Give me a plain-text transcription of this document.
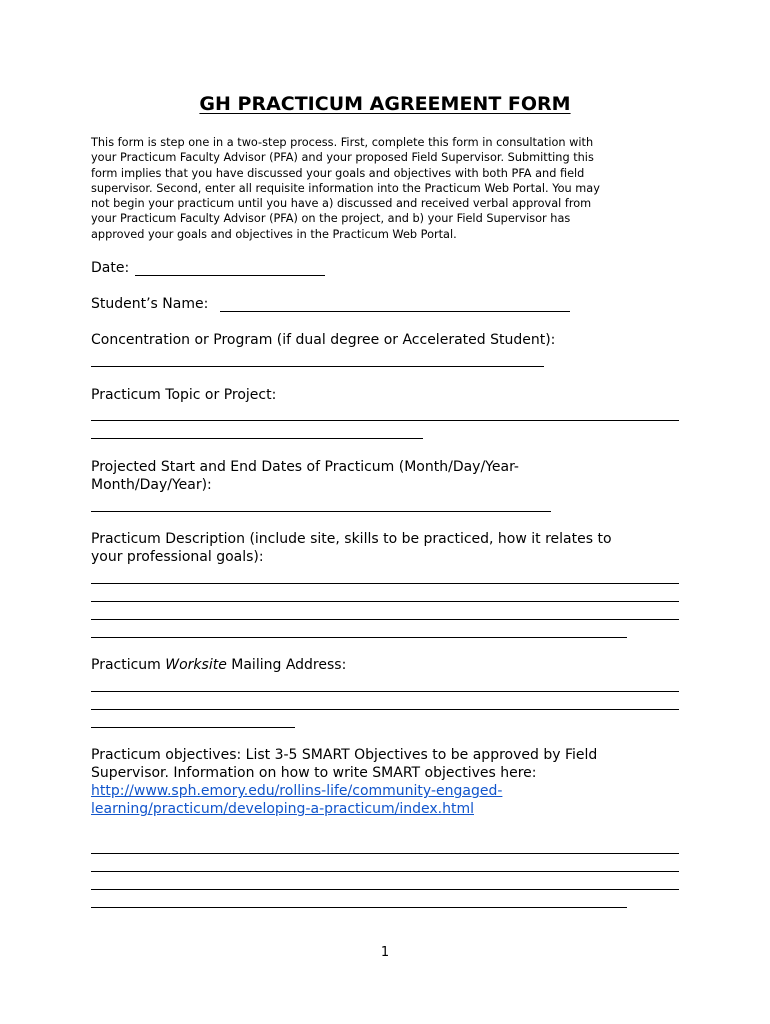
GH PRACTICUM AGREEMENT FORM
This form is step one in a two-step process. First, complete this form in consultation with
your Practicum Faculty Advisor (PFA) and your proposed Field Supervisor. Submitting this
form implies that you have discussed your goals and objectives with both PFA and field
supervisor. Second, enter all requisite information into the Practicum Web Portal. You may
not begin your practicum until you have a) discussed and received verbal approval from
your Practicum Faculty Advisor (PFA) on the project, and b) your Field Supervisor has
approved your goals and objectives in the Practicum Web Portal.
Date:
Student’s Name:
Concentration or Program (if dual degree or Accelerated Student):
Practicum Topic or Project:
Projected Start and End Dates of Practicum (Month/Day/Year-
Month/Day/Year):
Practicum Description (include site, skills to be practiced, how it relates to
your professional goals):
Practicum Worksite Mailing Address:
Practicum objectives: List 3-5 SMART Objectives to be approved by Field
Supervisor. Information on how to write SMART objectives here:
http://www.sph.emory.edu/rollins-life/community-engaged-
learning/practicum/developing-a-practicum/index.html
1
